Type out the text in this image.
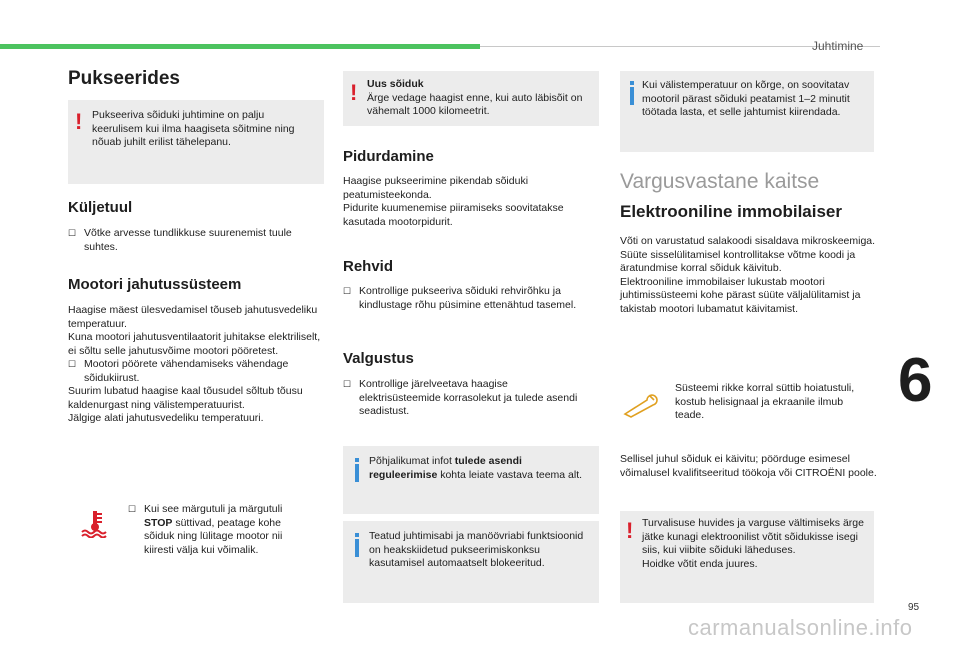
Juhtimine
6
Pukseerides
! Pukseeriva sõiduki juhtimine on palju keerulisem kui ilma haagiseta sõitmine ning nõuab juhilt erilist tähelepanu.
Küljetuul
☐ Võtke arvesse tundlikkuse suurenemist tuule suhtes.
Mootori jahutussüsteem
Haagise mäest ülesvedamisel tõuseb jahutusvedeliku temperatuur.
Kuna mootori jahutusventilaatorit juhitakse elektriliselt, ei sõltu selle jahutusvõime mootori pööretest.
☐ Mootori pöörete vähendamiseks vähendage sõidukiirust.
Suurim lubatud haagise kaal tõusudel sõltub tõusu kaldenurgast ning välistemperatuurist.
Jälgige alati jahutusvedeliku temperatuuri.
☐ Kui see märgutuli ja märgutuli STOP süttivad, peatage kohe sõiduk ning lülitage mootor nii kiiresti välja kui võimalik.
! Uus sõiduk
Ärge vedage haagist enne, kui auto läbisõit on vähemalt 1000 kilomeetrit.
Pidurdamine
Haagise pukseerimine pikendab sõiduki peatumisteekonda.
Pidurite kuumenemise piiramiseks soovitatakse kasutada mootorpidurit.
Rehvid
☐ Kontrollige pukseeriva sõiduki rehvirõhku ja kindlustage rõhu püsimine ettenähtud tasemel.
Valgustus
☐ Kontrollige järelveetava haagise elektrisüsteemide korrasolekut ja tulede asendi seadistust.
Põhjalikumat infot tulede asendi reguleerimise kohta leiate vastava teema alt.
Teatud juhtimisabi ja manöövriabi funktsioonid on heakskiidetud pukseerimiskonksu kasutamisel automaatselt blokeeritud.
Kui välistemperatuur on kõrge, on soovitatav mootoril pärast sõiduki peatamist 1–2 minutit töötada lasta, et selle jahtumist kiirendada.
Vargusvastane kaitse
Elektrooniline immobilaiser
Võti on varustatud salakoodi sisaldava mikroskeemiga. Süüte sisselülitamisel kontrollitakse võtme koodi ja äratundmise korral sõiduk käivitub.
Elektrooniline immobilaiser lukustab mootori juhtimissüsteemi kohe pärast süüte väljalülitamist ja takistab mootori lubamatut käivitamist.
Süsteemi rikke korral süttib hoiatustuli, kostub helisignaal ja ekraanile ilmub teade.
Sellisel juhul sõiduk ei käivitu; pöörduge esimesel võimalusel kvalifitseeritud töökoja või CITROËNI poole.
! Turvalisuse huvides ja varguse vältimiseks ärge jätke kunagi elektroonilist võtit sõidukisse isegi siis, kui viibite sõiduki läheduses.
Hoidke võtit enda juures.
95
carmanualsonline.info
